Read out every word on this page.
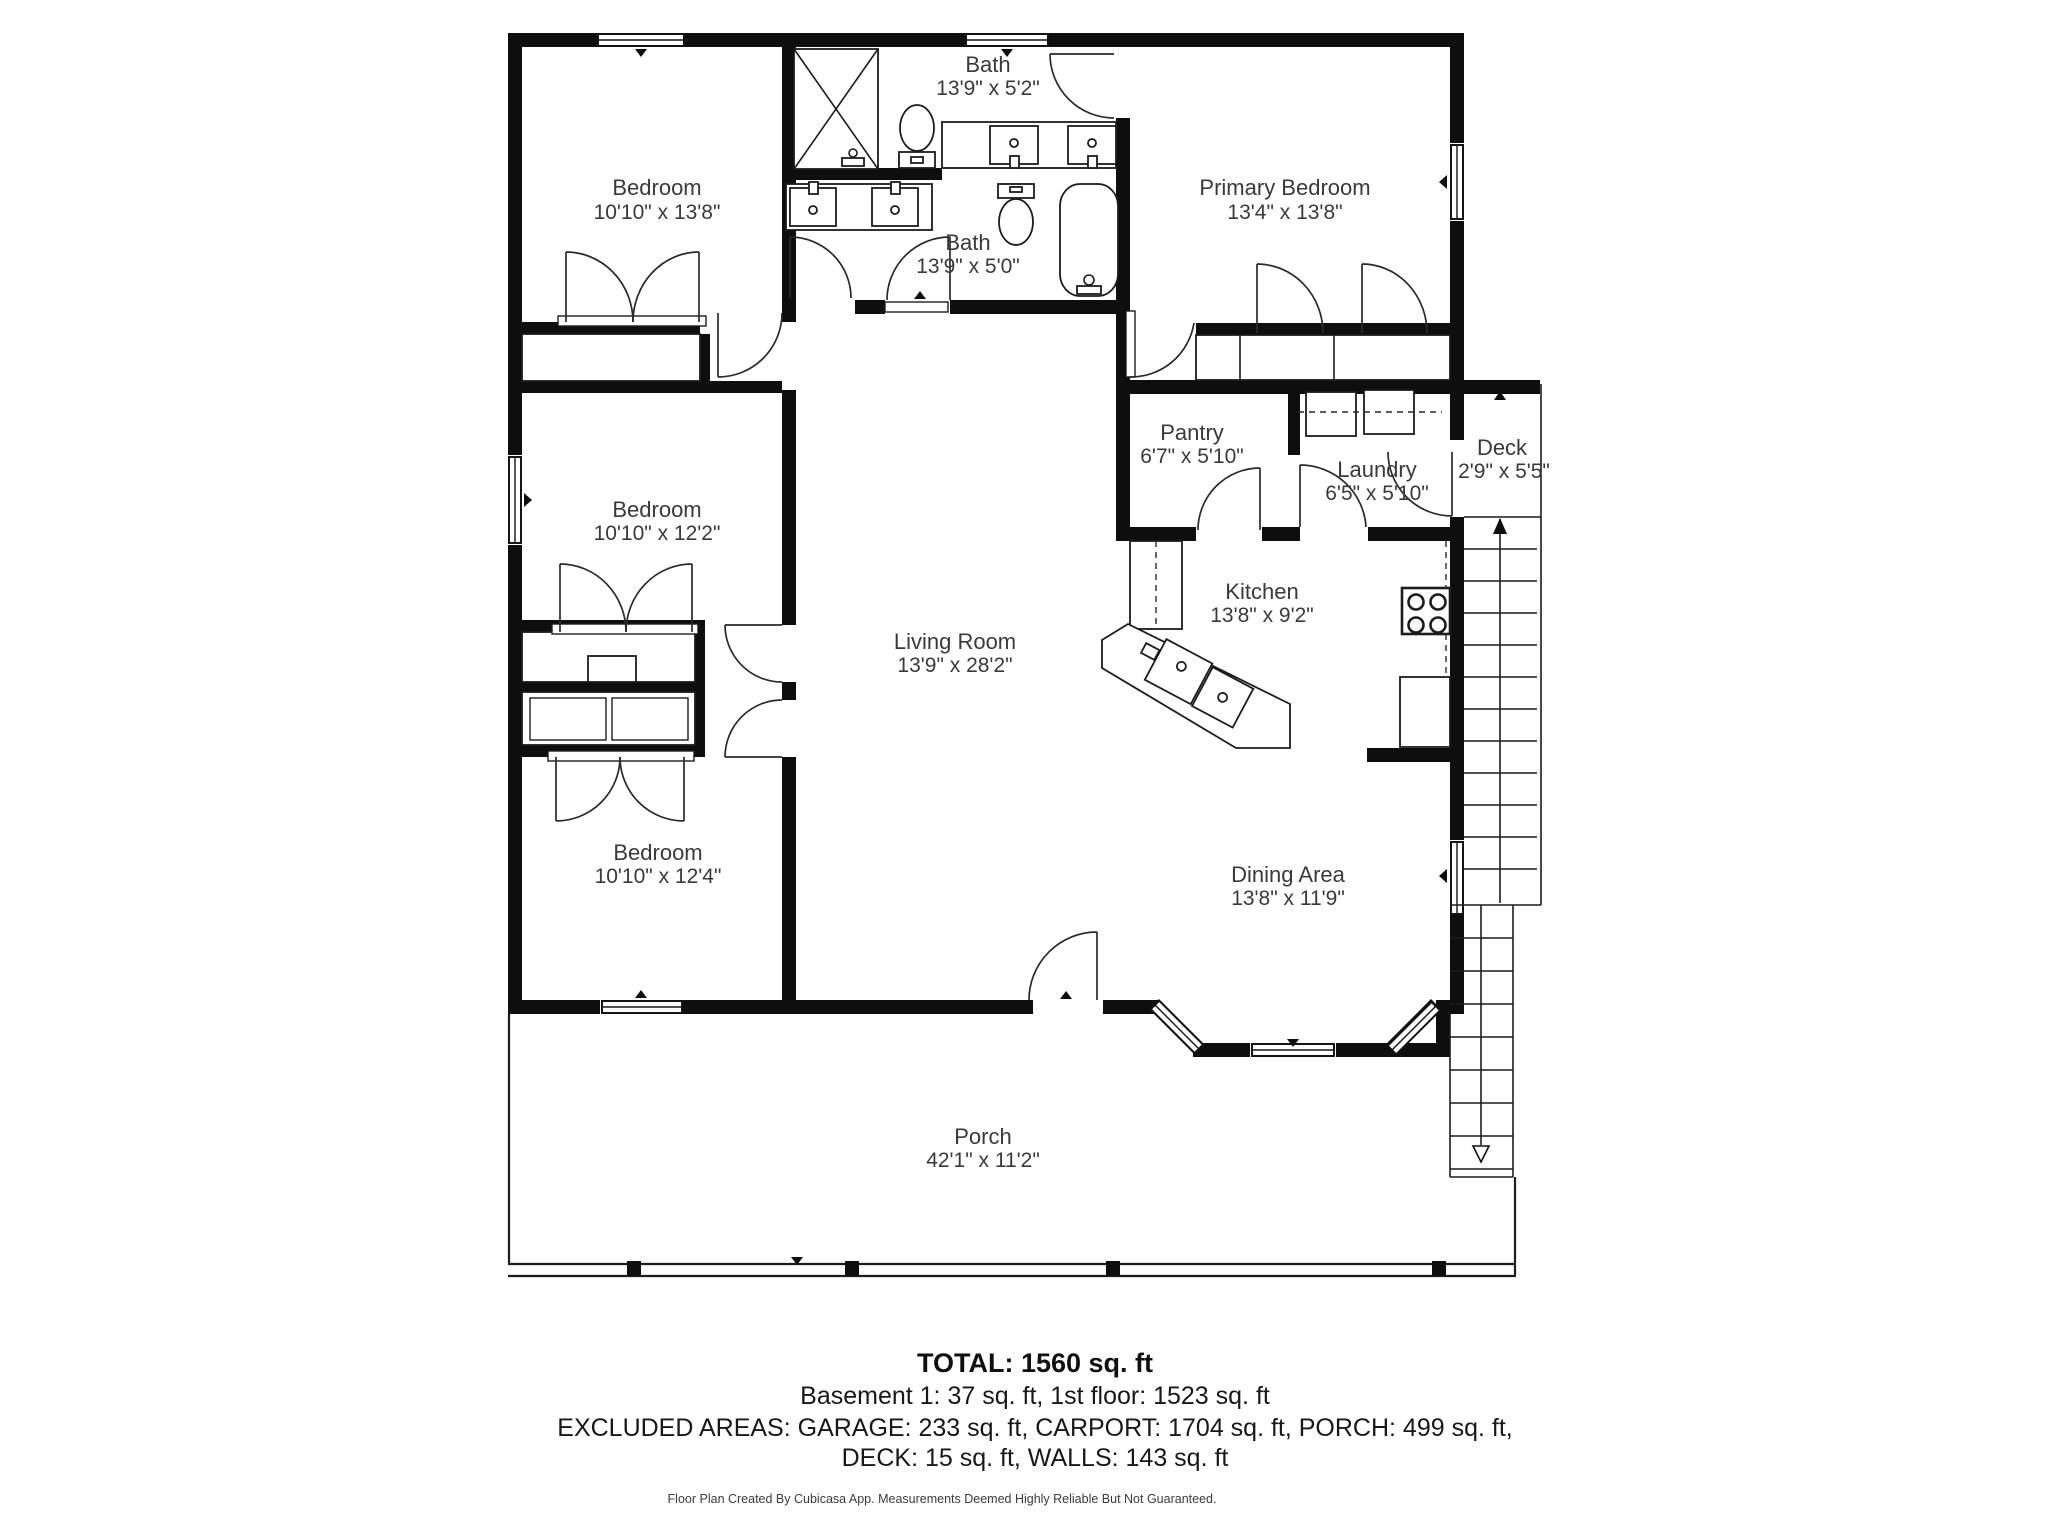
Bath
13'9" x 5'2"
Bedroom
10'10" x 13'8"
Primary Bedroom
13'4" x 13'8"
Bath
13'9" x 5'0"
Pantry
6'7" x 5'10"
Laundry
6'5" x 5'10"
Deck
2'9" x 5'5"
Bedroom
10'10" x 12'2"
Kitchen
13'8" x 9'2"
Living Room
13'9" x 28'2"
Bedroom
10'10" x 12'4"	Dining Area
13'8" x 11'9"
Porch
42'1" x 11'2"
TOTAL: 1560 sq. ft
Basement 1: 37 sq. ft, 1st floor: 1523 sq. ft
EXCLUDED AREAS: GARAGE: 233 sq. ft, CARPORT: 1704 sq. ft, PORCH: 499 sq. ft,
DECK: 15 sq. ft, WALLS: 143 sq. ft
Floor Plan Created By Cubicasa App. Measurements Deemed Highly Reliable But Not Guaranteed.
